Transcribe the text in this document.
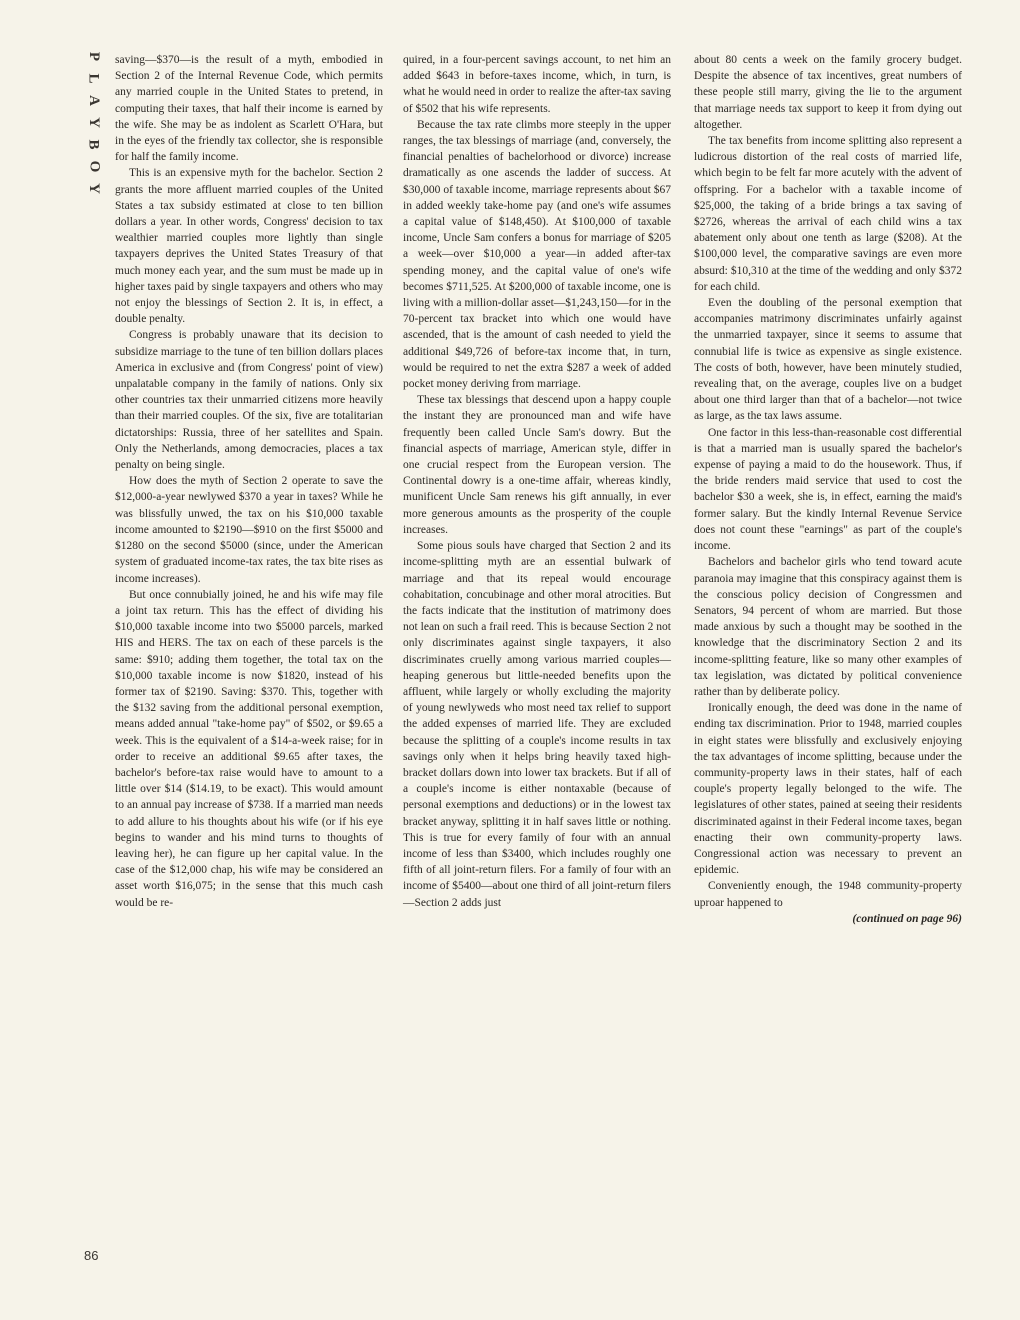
P
L
A
Y
B
O
Y
86

saving—$370—is the result of a myth, embodied in Section 2 of the Internal Revenue Code, which permits any married couple in the United States to pretend, in computing their taxes, that half their income is earned by the wife. She may be as indolent as Scarlett O'Hara, but in the eyes of the friendly tax collector, she is responsible for half the family income.

This is an expensive myth for the bachelor. Section 2 grants the more affluent married couples of the United States a tax subsidy estimated at close to ten billion dollars a year. In other words, Congress' decision to tax wealthier married couples more lightly than single taxpayers deprives the United States Treasury of that much money each year, and the sum must be made up in higher taxes paid by single taxpayers and others who may not enjoy the blessings of Section 2. It is, in effect, a double penalty.

Congress is probably unaware that its decision to subsidize marriage to the tune of ten billion dollars places America in exclusive and (from Congress' point of view) unpalatable company in the family of nations. Only six other countries tax their unmarried citizens more heavily than their married couples. Of the six, five are totalitarian dictatorships: Russia, three of her satellites and Spain. Only the Netherlands, among democracies, places a tax penalty on being single.

How does the myth of Section 2 operate to save the $12,000-a-year newlywed $370 a year in taxes? While he was blissfully unwed, the tax on his $10,000 taxable income amounted to $2190—$910 on the first $5000 and $1280 on the second $5000 (since, under the American system of graduated income-tax rates, the tax bite rises as income increases).

But once connubially joined, he and his wife may file a joint tax return. This has the effect of dividing his $10,000 taxable income into two $5000 parcels, marked HIS and HERS. The tax on each of these parcels is the same: $910; adding them together, the total tax on the $10,000 taxable income is now $1820, instead of his former tax of $2190. Saving: $370. This, together with the $132 saving from the additional personal exemption, means added annual "take-home pay" of $502, or $9.65 a week. This is the equivalent of a $14-a-week raise; for in order to receive an additional $9.65 after taxes, the bachelor's before-tax raise would have to amount to a little over $14 ($14.19, to be exact). This would amount to an annual pay increase of $738. If a married man needs to add allure to his thoughts about his wife (or if his eye begins to wander and his mind turns to thoughts of leaving her), he can figure up her capital value. In the case of the $12,000 chap, his wife may be considered an asset worth $16,075; in the sense that this much cash would be re-

quired, in a four-percent savings account, to net him an added $643 in before-taxes income, which, in turn, is what he would need in order to realize the after-tax saving of $502 that his wife represents.

Because the tax rate climbs more steeply in the upper ranges, the tax blessings of marriage (and, conversely, the financial penalties of bachelorhood or divorce) increase dramatically as one ascends the ladder of success. At $30,000 of taxable income, marriage represents about $67 in added weekly take-home pay (and one's wife assumes a capital value of $148,450). At $100,000 of taxable income, Uncle Sam confers a bonus for marriage of $205 a week—over $10,000 a year—in added after-tax spending money, and the capital value of one's wife becomes $711,525. At $200,000 of taxable income, one is living with a million-dollar asset—$1,243,150—for in the 70-percent tax bracket into which one would have ascended, that is the amount of cash needed to yield the additional $49,726 of before-tax income that, in turn, would be required to net the extra $287 a week of added pocket money deriving from marriage.

These tax blessings that descend upon a happy couple the instant they are pronounced man and wife have frequently been called Uncle Sam's dowry. But the financial aspects of marriage, American style, differ in one crucial respect from the European version. The Continental dowry is a one-time affair, whereas kindly, munificent Uncle Sam renews his gift annually, in ever more generous amounts as the prosperity of the couple increases.

Some pious souls have charged that Section 2 and its income-splitting myth are an essential bulwark of marriage and that its repeal would encourage cohabitation, concubinage and other moral atrocities. But the facts indicate that the institution of matrimony does not lean on such a frail reed. This is because Section 2 not only discriminates against single taxpayers, it also discriminates cruelly among various married couples—heaping generous but little-needed benefits upon the affluent, while largely or wholly excluding the majority of young newlyweds who most need tax relief to support the added expenses of married life. They are excluded because the splitting of a couple's income results in tax savings only when it helps bring heavily taxed high-bracket dollars down into lower tax brackets. But if all of a couple's income is either nontaxable (because of personal exemptions and deductions) or in the lowest tax bracket anyway, splitting it in half saves little or nothing. This is true for every family of four with an annual income of less than $3400, which includes roughly one fifth of all joint-return filers. For a family of four with an income of $5400—about one third of all joint-return filers—Section 2 adds just

about 80 cents a week on the family grocery budget. Despite the absence of tax incentives, great numbers of these people still marry, giving the lie to the argument that marriage needs tax support to keep it from dying out altogether.

The tax benefits from income splitting also represent a ludicrous distortion of the real costs of married life, which begin to be felt far more acutely with the advent of offspring. For a bachelor with a taxable income of $25,000, the taking of a bride brings a tax saving of $2726, whereas the arrival of each child wins a tax abatement only about one tenth as large ($208). At the $100,000 level, the comparative savings are even more absurd: $10,310 at the time of the wedding and only $372 for each child.

Even the doubling of the personal exemption that accompanies matrimony discriminates unfairly against the unmarried taxpayer, since it seems to assume that connubial life is twice as expensive as single existence. The costs of both, however, have been minutely studied, revealing that, on the average, couples live on a budget about one third larger than that of a bachelor—not twice as large, as the tax laws assume.

One factor in this less-than-reasonable cost differential is that a married man is usually spared the bachelor's expense of paying a maid to do the housework. Thus, if the bride renders maid service that used to cost the bachelor $30 a week, she is, in effect, earning the maid's former salary. But the kindly Internal Revenue Service does not count these "earnings" as part of the couple's income.

Bachelors and bachelor girls who tend toward acute paranoia may imagine that this conspiracy against them is the conscious policy decision of Congressmen and Senators, 94 percent of whom are married. But those made anxious by such a thought may be soothed in the knowledge that the discriminatory Section 2 and its income-splitting feature, like so many other examples of tax legislation, was dictated by political convenience rather than by deliberate policy.

Ironically enough, the deed was done in the name of ending tax discrimination. Prior to 1948, married couples in eight states were blissfully and exclusively enjoying the tax advantages of income splitting, because under the community-property laws in their states, half of each couple's property legally belonged to the wife. The legislatures of other states, pained at seeing their residents discriminated against in their Federal income taxes, began enacting their own community-property laws. Congressional action was necessary to prevent an epidemic.

Conveniently enough, the 1948 community-property uproar happened to

(continued on page 96)
